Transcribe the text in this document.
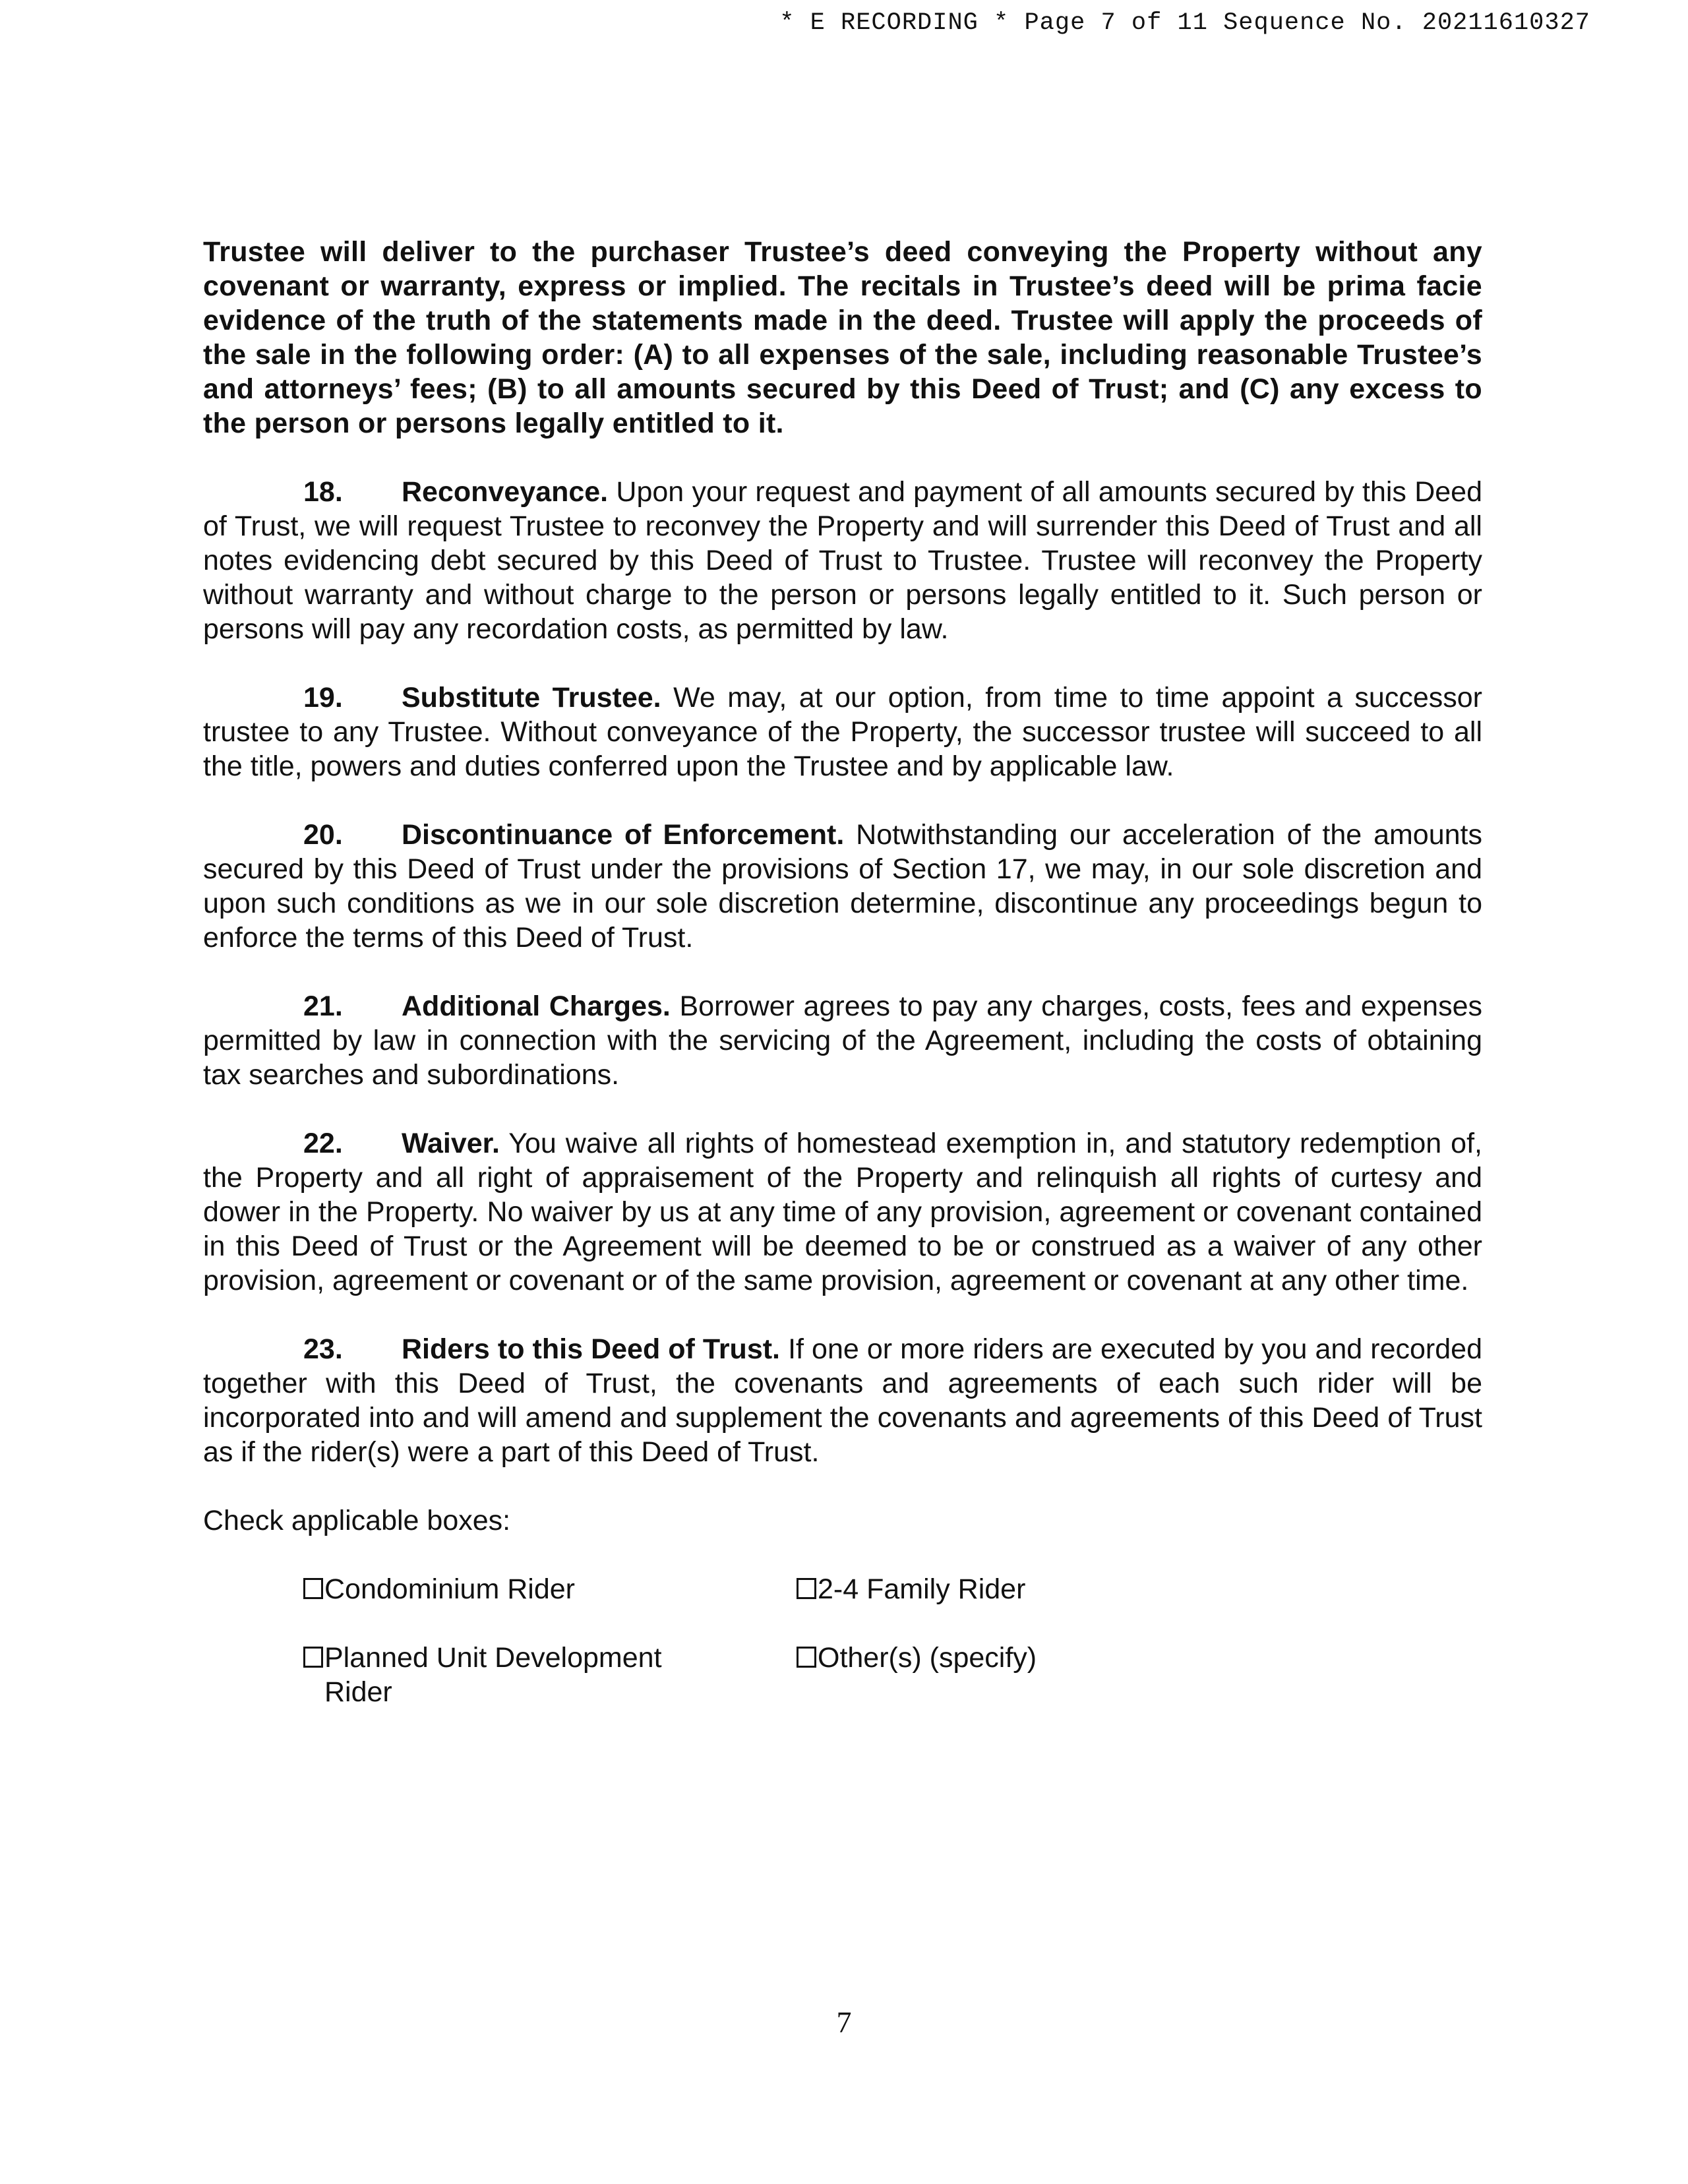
* E RECORDING * Page 7 of 11 Sequence No. 20211610327

Trustee will deliver to the purchaser Trustee’s deed conveying the Property without any covenant or warranty, express or implied. The recitals in Trustee’s deed will be prima facie evidence of the truth of the statements made in the deed. Trustee will apply the proceeds of the sale in the following order: (A) to all expenses of the sale, including reasonable Trustee’s and attorneys’ fees; (B) to all amounts secured by this Deed of Trust; and (C) any excess to the person or persons legally entitled to it.

18. Reconveyance. Upon your request and payment of all amounts secured by this Deed of Trust, we will request Trustee to reconvey the Property and will surrender this Deed of Trust and all notes evidencing debt secured by this Deed of Trust to Trustee. Trustee will reconvey the Property without warranty and without charge to the person or persons legally entitled to it. Such person or persons will pay any recordation costs, as permitted by law.

19. Substitute Trustee. We may, at our option, from time to time appoint a successor trustee to any Trustee. Without conveyance of the Property, the successor trustee will succeed to all the title, powers and duties conferred upon the Trustee and by applicable law.

20. Discontinuance of Enforcement. Notwithstanding our acceleration of the amounts secured by this Deed of Trust under the provisions of Section 17, we may, in our sole discretion and upon such conditions as we in our sole discretion determine, discontinue any proceedings begun to enforce the terms of this Deed of Trust.

21. Additional Charges. Borrower agrees to pay any charges, costs, fees and expenses permitted by law in connection with the servicing of the Agreement, including the costs of obtaining tax searches and subordinations.

22. Waiver. You waive all rights of homestead exemption in, and statutory redemption of, the Property and all right of appraisement of the Property and relinquish all rights of curtesy and dower in the Property. No waiver by us at any time of any provision, agreement or covenant contained in this Deed of Trust or the Agreement will be deemed to be or construed as a waiver of any other provision, agreement or covenant or of the same provision, agreement or covenant at any other time.

23. Riders to this Deed of Trust. If one or more riders are executed by you and recorded together with this Deed of Trust, the covenants and agreements of each such rider will be incorporated into and will amend and supplement the covenants and agreements of this Deed of Trust as if the rider(s) were a part of this Deed of Trust.

Check applicable boxes:
Condominium Rider	2-4 Family Rider
Planned Unit Development Rider
Other(s) (specify)
7
